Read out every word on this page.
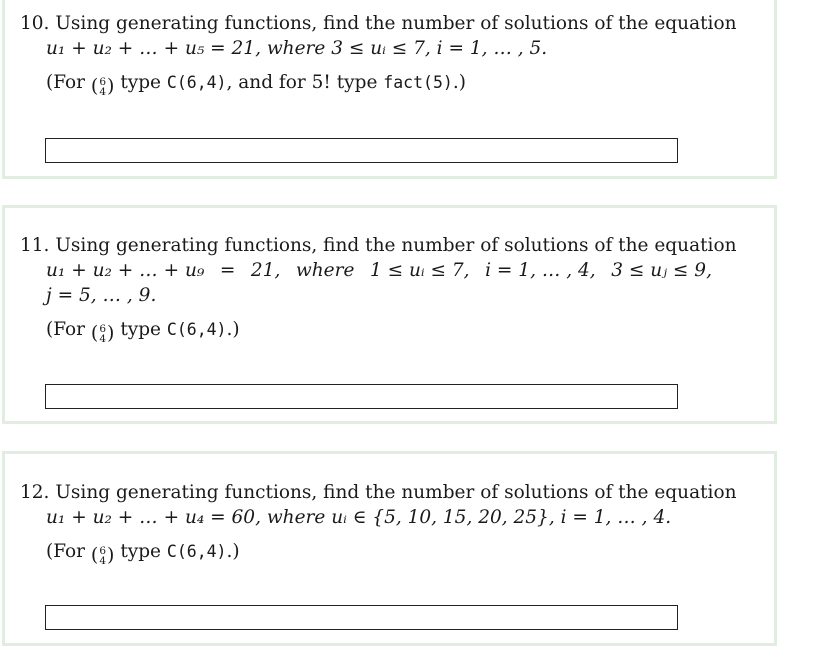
10. Using generating functions, find the number of solutions of the equation
u₁ + u₂ + … + u₅ = 21, where 3 ≤ uᵢ ≤ 7, i = 1, … , 5.
(For ( 6
4 ) type C(6,4), and for 5! type fact(5).)
11. Using generating functions, find the number of solutions of the equation
u₁ + u₂ + … + u₉ = 21, where 1 ≤ uᵢ ≤ 7, i = 1, … , 4, 3 ≤ uⱼ ≤ 9,
j = 5, … , 9.
(For ( 6
4 ) type C(6,4).)
12. Using generating functions, find the number of solutions of the equation
u₁ + u₂ + … + u₄ = 60, where uᵢ ∈ {5, 10, 15, 20, 25}, i = 1, … , 4.
(For ( 6
4 ) type C(6,4).)
